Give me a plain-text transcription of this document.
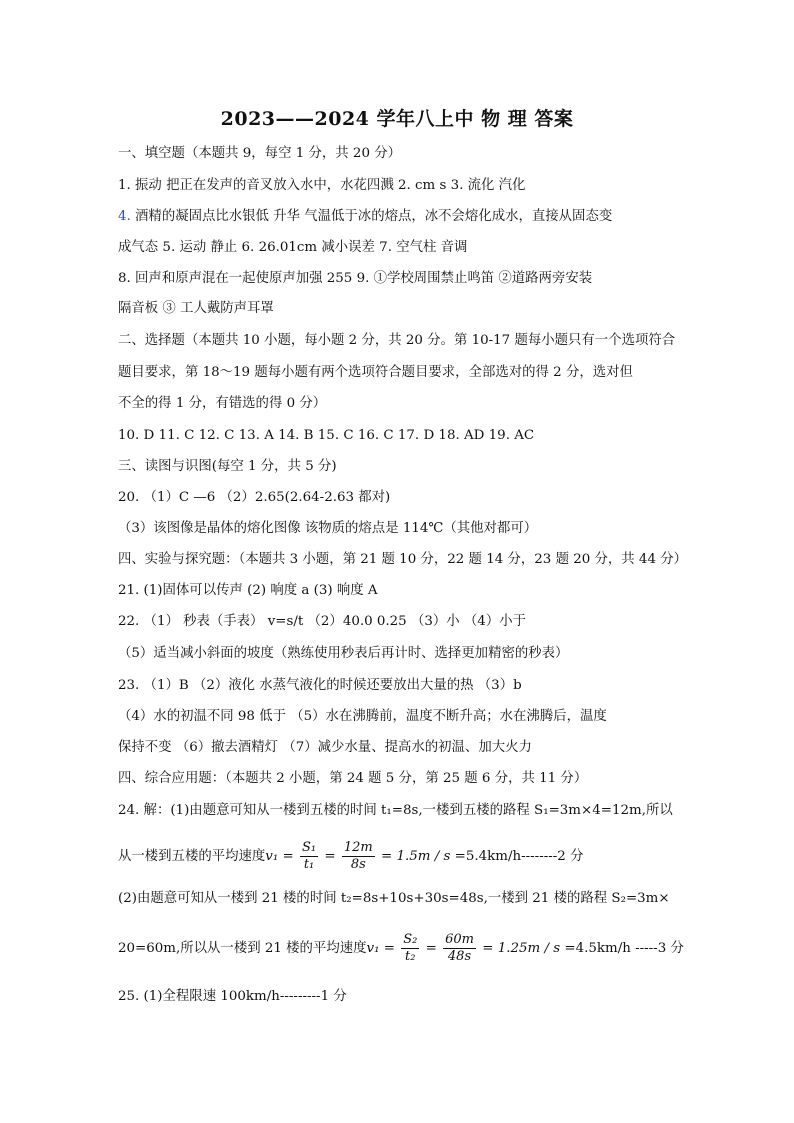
2023——2024 学年八上中 物 理 答案
一、填空题（本题共 9，每空 1 分，共 20 分）
1. 振动 把正在发声的音叉放入水中，水花四溅 2. cm s 3. 流化 汽化
4. 酒精的凝固点比水银低 升华 气温低于冰的熔点，冰不会熔化成水，直接从固态变
成气态 5. 运动 静止 6. 26.01cm 减小误差 7. 空气柱 音调
8. 回声和原声混在一起使原声加强 255 9. ①学校周围禁止鸣笛 ②道路两旁安装
隔音板 ③ 工人戴防声耳罩
二、选择题（本题共 10 小题，每小题 2 分，共 20 分。第 10-17 题每小题只有一个选项符合
题目要求，第 18～19 题每小题有两个选项符合题目要求，全部选对的得 2 分，选对但
不全的得 1 分，有错选的得 0 分）
10. D 11. C 12. C 13. A 14. B 15. C 16. C 17. D 18. AD 19. AC
三、读图与识图(每空 1 分，共 5 分)
20. （1）C —6 （2）2.65(2.64-2.63 都对)
（3）该图像是晶体的熔化图像 该物质的熔点是 114℃（其他对都可）
四、实验与探究题：（本题共 3 小题，第 21 题 10 分，22 题 14 分，23 题 20 分，共 44 分）
21. (1)固体可以传声 (2) 响度 a (3) 响度 A
22. （1） 秒表（手表） v=s/t （2）40.0 0.25 （3）小 （4）小于
（5）适当减小斜面的坡度（熟练使用秒表后再计时、选择更加精密的秒表）
23. （1）B （2）液化 水蒸气液化的时候还要放出大量的热 （3）b
（4）水的初温不同 98 低于 （5）水在沸腾前，温度不断升高；水在沸腾后，温度
保持不变 （6）撤去酒精灯 （7）减少水量、提高水的初温、加大火力
四、综合应用题：（本题共 2 小题，第 24 题 5 分，第 25 题 6 分，共 11 分）
24. 解：(1)由题意可知从一楼到五楼的时间 t₁=8s,一楼到五楼的路程 S₁=3m×4=12m,所以
从一楼到五楼的平均速度$v_1 = \frac{\text{S₁}}{\text{t₁}} = \frac{12m}{8s} = 1.5m / s =5.4km/h--------2$ 分
(2)由题意可知从一楼到 21 楼的时间 t₂=8s+10s+30s=48s,一楼到 21 楼的路程 S₂=3m×
20=60m,所以从一楼到 21 楼的平均速度$v_1 = \frac{\text{S₂}}{\text{t₂}} = \frac{60m}{48s} = 1.25m / s =4.5km/h$ -----3 分
25. (1)全程限速 100km/h---------1 分
